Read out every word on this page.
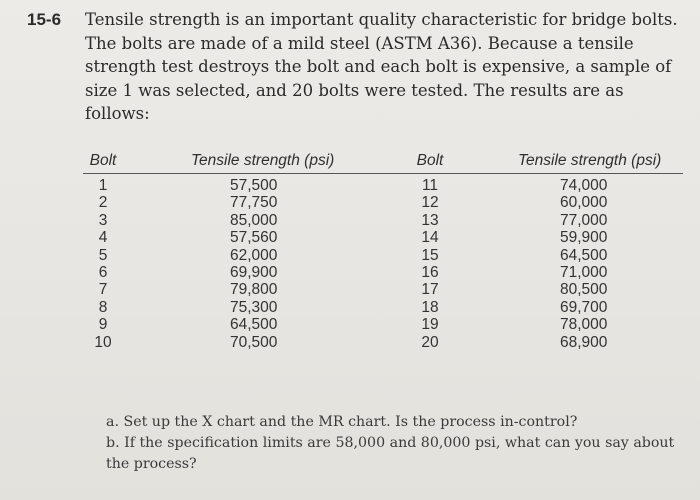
15-6 Tensile strength is an important quality characteristic for bridge bolts. The bolts are made of a mild steel (ASTM A36). Because a tensile strength test destroys the bolt and each bolt is expensive, a sample of size 1 was selected, and 20 bolts were tested. The results are as follows:
Bolt	Tensile strength (psi)	Bolt	Tensile strength (psi)
1	57,500	11	74,000
2	77,750	12	60,000
3	85,000	13	77,000
4	57,560	14	59,900
5	62,000	15	64,500
6	69,900	16	71,000
7	79,800	17	80,500
8	75,300	18	69,700
9	64,500	19	78,000
10	70,500	20	68,900
a. Set up the X chart and the MR chart. Is the process in-control?
b. If the specification limits are 58,000 and 80,000 psi, what can you say about the process?
